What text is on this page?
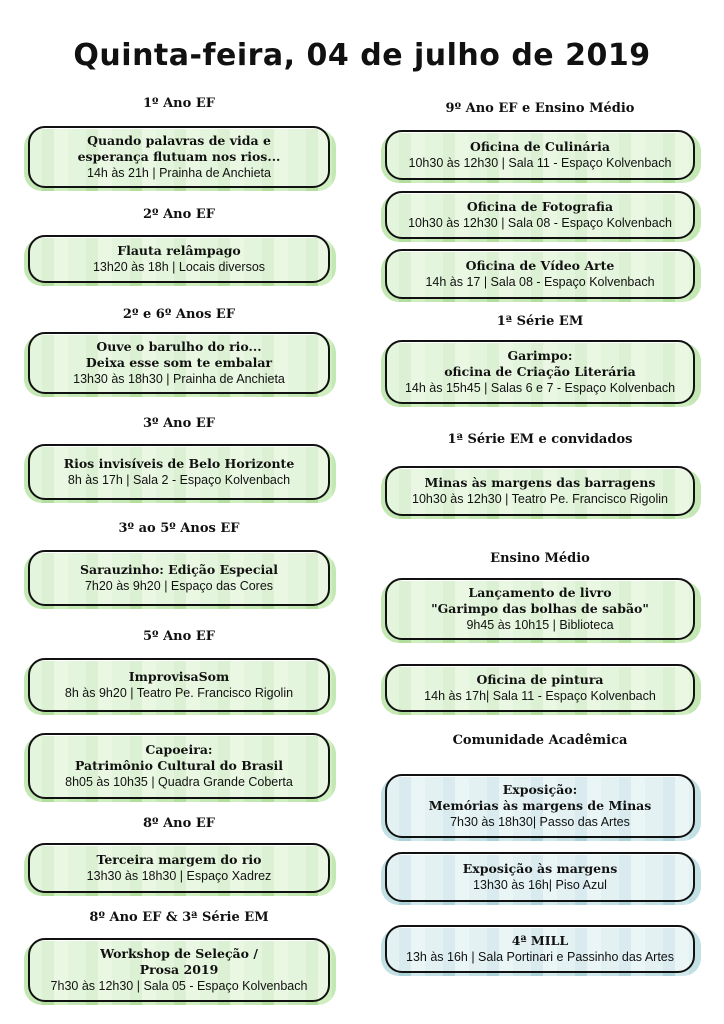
Quinta-feira, 04 de julho de 2019
1º Ano EF
Quando palavras de vida e
esperança flutuam nos rios...
14h às 21h | Prainha de Anchieta
2º Ano EF
Flauta relâmpago
13h20 às 18h | Locais diversos
2º e 6º Anos EF
Ouve o barulho do rio...
Deixa esse som te embalar
13h30 às 18h30 | Prainha de Anchieta
3º Ano EF
Rios invisíveis de Belo Horizonte
8h às 17h | Sala 2 - Espaço Kolvenbach
3º ao 5º Anos EF
Sarauzinho: Edição Especial
7h20 às 9h20 | Espaço das Cores
5º Ano EF
ImprovisaSom
8h às 9h20 | Teatro Pe. Francisco Rigolin
Capoeira:
Patrimônio Cultural do Brasil
8h05 às 10h35 | Quadra Grande Coberta
8º Ano EF
Terceira margem do rio
13h30 às 18h30 | Espaço Xadrez
8º Ano EF & 3ª Série EM
Workshop de Seleção /
Prosa 2019
7h30 às 12h30 | Sala 05 - Espaço Kolvenbach
9º Ano EF e Ensino Médio
Oficina de Culinária
10h30 às 12h30 | Sala 11 - Espaço Kolvenbach
Oficina de Fotografia
10h30 às 12h30 | Sala 08 - Espaço Kolvenbach
Oficina de Vídeo Arte
14h às 17 | Sala 08 - Espaço Kolvenbach
1ª Série EM
Garimpo:
oficina de Criação Literária
14h às 15h45 | Salas 6 e 7 - Espaço Kolvenbach
1ª Série EM e convidados
Minas às margens das barragens
10h30 às 12h30 | Teatro Pe. Francisco Rigolin
Ensino Médio
Lançamento de livro
"Garimpo das bolhas de sabão"
9h45 às 10h15 | Biblioteca
Oficina de pintura
14h às 17h| Sala 11 - Espaço Kolvenbach
Comunidade Acadêmica
Exposição:
Memórias às margens de Minas
7h30 às 18h30| Passo das Artes
Exposição às margens
13h30 às 16h| Piso Azul
4ª MILL
13h às 16h | Sala Portinari e Passinho das Artes
